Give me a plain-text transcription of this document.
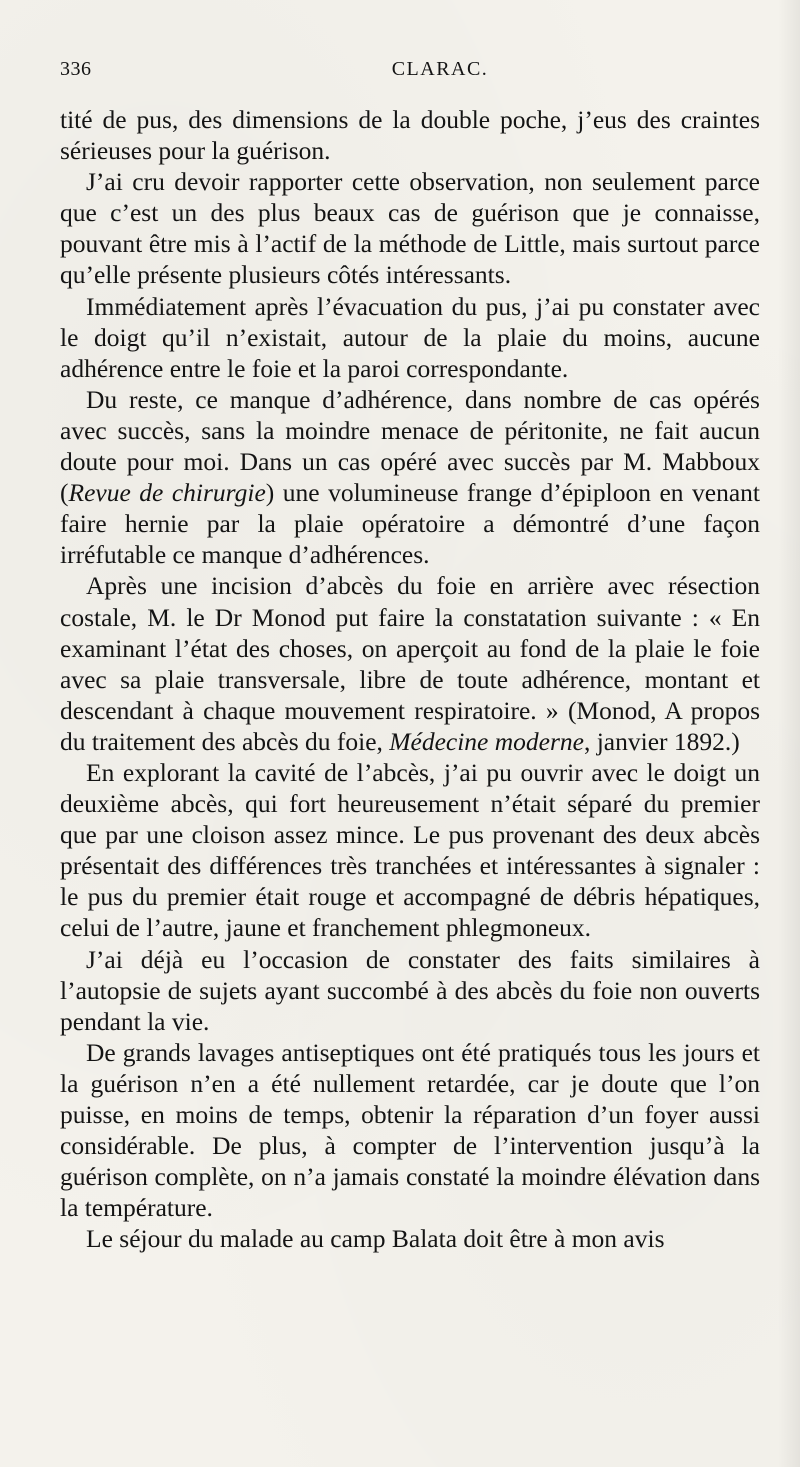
336	CLARAC.

tité de pus, des dimensions de la double poche, j’eus des craintes sérieuses pour la guérison.

J’ai cru devoir rapporter cette observation, non seulement parce que c’est un des plus beaux cas de guérison que je connaisse, pouvant être mis à l’actif de la méthode de Little, mais surtout parce qu’elle présente plusieurs côtés intéressants.

Immédiatement après l’évacuation du pus, j’ai pu constater avec le doigt qu’il n’existait, autour de la plaie du moins, aucune adhérence entre le foie et la paroi correspondante.

Du reste, ce manque d’adhérence, dans nombre de cas opérés avec succès, sans la moindre menace de péritonite, ne fait aucun doute pour moi. Dans un cas opéré avec succès par M. Mabboux (Revue de chirurgie) une volumineuse frange d’épiploon en venant faire hernie par la plaie opératoire a démontré d’une façon irréfutable ce manque d’adhérences.

Après une incision d’abcès du foie en arrière avec résection costale, M. le Dr Monod put faire la constatation suivante : « En examinant l’état des choses, on aperçoit au fond de la plaie le foie avec sa plaie transversale, libre de toute adhérence, montant et descendant à chaque mouvement respiratoire. » (Monod, A propos du traitement des abcès du foie, Médecine moderne, janvier 1892.)

En explorant la cavité de l’abcès, j’ai pu ouvrir avec le doigt un deuxième abcès, qui fort heureusement n’était séparé du premier que par une cloison assez mince. Le pus provenant des deux abcès présentait des différences très tranchées et intéressantes à signaler : le pus du premier était rouge et accompagné de débris hépatiques, celui de l’autre, jaune et franchement phlegmoneux.

J’ai déjà eu l’occasion de constater des faits similaires à l’autopsie de sujets ayant succombé à des abcès du foie non ouverts pendant la vie.

De grands lavages antiseptiques ont été pratiqués tous les jours et la guérison n’en a été nullement retardée, car je doute que l’on puisse, en moins de temps, obtenir la réparation d’un foyer aussi considérable. De plus, à compter de l’intervention jusqu’à la guérison complète, on n’a jamais constaté la moindre élévation dans la température.

Le séjour du malade au camp Balata doit être à mon avis
